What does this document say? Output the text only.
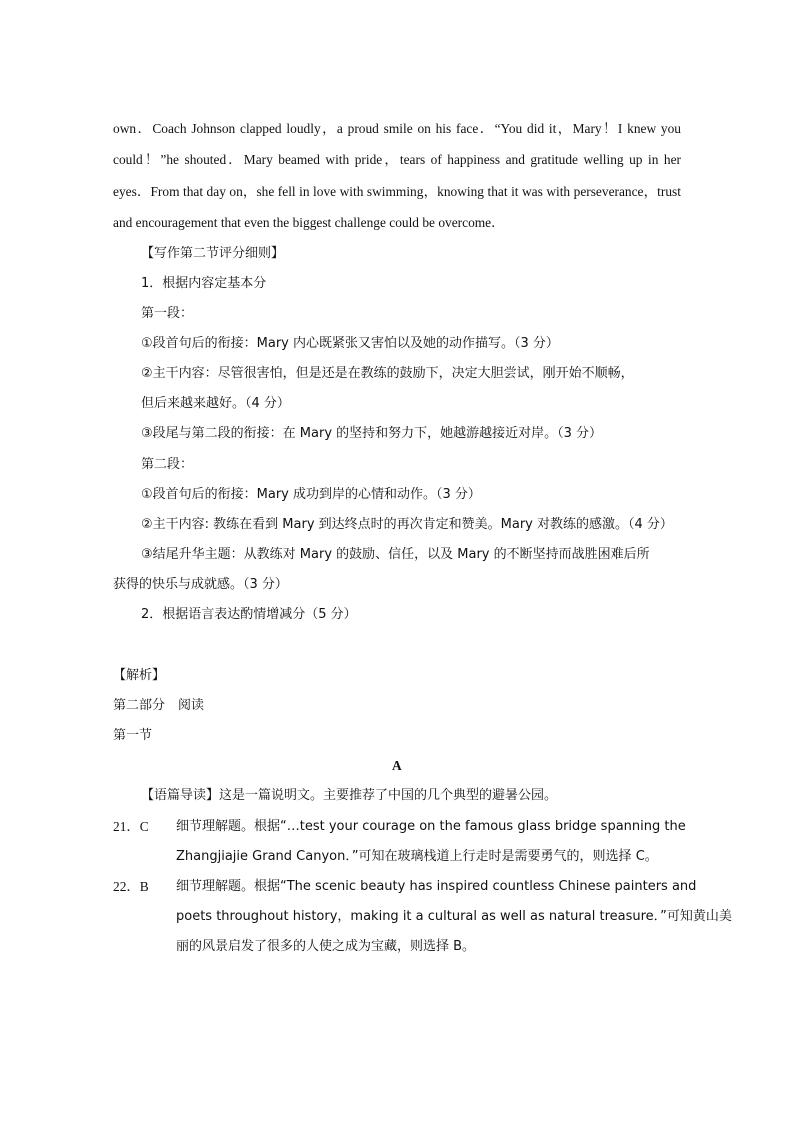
own．Coach Johnson clapped loudly，a proud smile on his face．“You did it，Mary！I knew you
could！”he shouted．Mary beamed with pride，tears of happiness and gratitude welling up in her
eyes．From that day on，she fell in love with swimming，knowing that it was with perseverance，trust
and encouragement that even the biggest challenge could be overcome．
【写作第二节评分细则】
1．根据内容定基本分
第一段：
①段首句后的衔接：Mary 内心既紧张又害怕以及她的动作描写。（3 分）
②主干内容：尽管很害怕，但是还是在教练的鼓励下，决定大胆尝试，刚开始不顺畅，
但后来越来越好。（4 分）
③段尾与第二段的衔接：在 Mary 的坚持和努力下，她越游越接近对岸。（3 分）
第二段：
①段首句后的衔接：Mary 成功到岸的心情和动作。（3 分）
②主干内容: 教练在看到 Mary 到达终点时的再次肯定和赞美。Mary 对教练的感激。（4 分）
③结尾升华主题：从教练对 Mary 的鼓励、信任，以及 Mary 的不断坚持而战胜困难后所
获得的快乐与成就感。（3 分）
2．根据语言表达酌情增减分（5 分）
【解析】
第二部分　阅读
第一节
A
【语篇导读】这是一篇说明文。主要推荐了中国的几个典型的避暑公园。
21．C 细节理解题。根据“…test your courage on the famous glass bridge spanning the
Zhangjiajie Grand Canyon．”可知在玻璃栈道上行走时是需要勇气的，则选择 C。
22．B 细节理解题。根据“The scenic beauty has inspired countless Chinese painters and
poets throughout history，making it a cultural as well as natural treasure．”可知黄山美
丽的风景启发了很多的人使之成为宝藏，则选择 B。
